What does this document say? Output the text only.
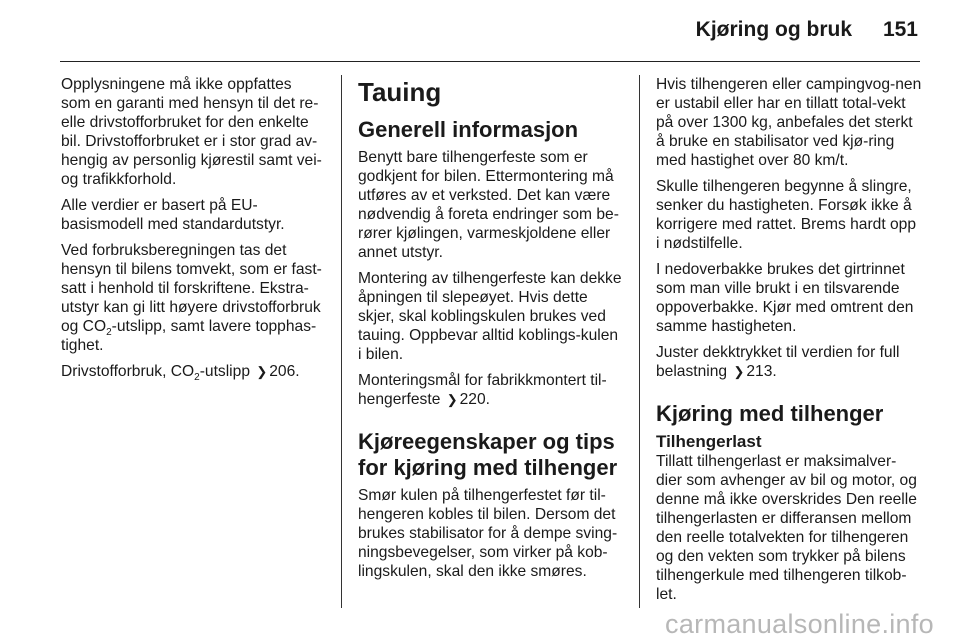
Kjøring og bruk 151

Opplysningene må ikke oppfattes som en garanti med hensyn til det re-elle drivstofforbruket for den enkelte bil. Drivstofforbruket er i stor grad av-hengig av personlig kjørestil samt vei- og trafikkforhold.

Alle verdier er basert på EU-basismodell med standardutstyr.

Ved forbruksberegningen tas det hensyn til bilens tomvekt, som er fast-satt i henhold til forskriftene. Ekstra-utstyr kan gi litt høyere drivstofforbruk og $CO_2$-utslipp, samt lavere topphas-tighet.

Drivstofforbruk, $CO_2$-utslipp ❯ 206.

Tauing
Generell informasjon

Benytt bare tilhengerfeste som er godkjent for bilen. Ettermontering må utføres av et verksted. Det kan være nødvendig å foreta endringer som be-rører kjølingen, varmeskjoldene eller annet utstyr.

Montering av tilhengerfeste kan dekke åpningen til slepeøyet. Hvis dette skjer, skal koblingskulen brukes ved tauing. Oppbevar alltid koblings-kulen i bilen.

Monteringsmål for fabrikkmontert til-hengerfeste ❯ 220.

Kjøreegenskaper og tips for kjøring med tilhenger

Smør kulen på tilhengerfestet før til-hengeren kobles til bilen. Dersom det brukes stabilisator for å dempe sving-ningsbevegelser, som virker på kob-lingskulen, skal den ikke smøres.

Hvis tilhengeren eller campingvog-nen er ustabil eller har en tillatt total-vekt på over 1300 kg, anbefales det sterkt å bruke en stabilisator ved kjø-ring med hastighet over 80 km/t.

Skulle tilhengeren begynne å slingre, senker du hastigheten. Forsøk ikke å korrigere med rattet. Brems hardt opp i nødstilfelle.

I nedoverbakke brukes det girtrinnet som man ville brukt i en tilsvarende oppoverbakke. Kjør med omtrent den samme hastigheten.

Juster dekktrykket til verdien for full belastning ❯ 213.

Kjøring med tilhenger
Tilhengerlast

Tillatt tilhengerlast er maksimalver-dier som avhenger av bil og motor, og denne må ikke overskrides Den reelle tilhengerlasten er differansen mellom den reelle totalvekten for tilhengeren og den vekten som trykker på bilens tilhengerkule med tilhengeren tilkob-let.

carmanualsonline.info
